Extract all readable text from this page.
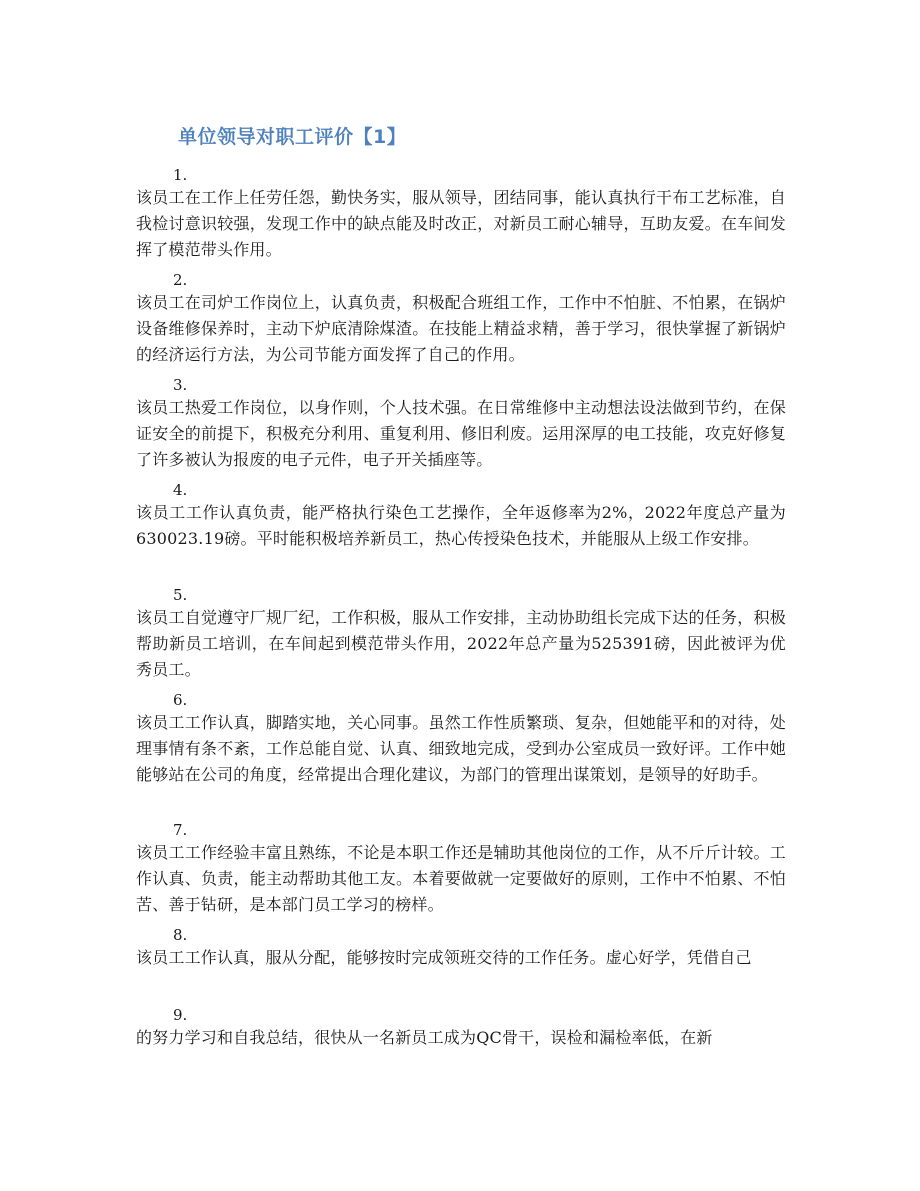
单位领导对职工评价【1】
1.
该员工在工作上任劳任怨，勤快务实，服从领导，团结同事，能认真执行干布工艺标准，自我检讨意识较强，发现工作中的缺点能及时改正，对新员工耐心辅导，互助友爱。在车间发挥了模范带头作用。
2.
该员工在司炉工作岗位上，认真负责，积极配合班组工作，工作中不怕脏、不怕累，在锅炉设备维修保养时，主动下炉底清除煤渣。在技能上精益求精，善于学习，很快掌握了新锅炉的经济运行方法，为公司节能方面发挥了自己的作用。
3.
该员工热爱工作岗位，以身作则，个人技术强。在日常维修中主动想法设法做到节约，在保证安全的前提下，积极充分利用、重复利用、修旧利废。运用深厚的电工技能，攻克好修复了许多被认为报废的电子元件，电子开关插座等。
4.
该员工工作认真负责，能严格执行染色工艺操作，全年返修率为2%，2022年度总产量为630023.19磅。平时能积极培养新员工，热心传授染色技术，并能服从上级工作安排。
5.
该员工自觉遵守厂规厂纪，工作积极，服从工作安排，主动协助组长完成下达的任务，积极帮助新员工培训，在车间起到模范带头作用，2022年总产量为525391磅，因此被评为优秀员工。
6.
该员工工作认真，脚踏实地，关心同事。虽然工作性质繁琐、复杂，但她能平和的对待，处理事情有条不紊，工作总能自觉、认真、细致地完成，受到办公室成员一致好评。工作中她能够站在公司的角度，经常提出合理化建议，为部门的管理出谋策划，是领导的好助手。
7.
该员工工作经验丰富且熟练，不论是本职工作还是辅助其他岗位的工作，从不斤斤计较。工作认真、负责，能主动帮助其他工友。本着要做就一定要做好的原则，工作中不怕累、不怕苦、善于钻研，是本部门员工学习的榜样。
8.
该员工工作认真，服从分配，能够按时完成领班交待的工作任务。虚心好学，凭借自己
9.
的努力学习和自我总结，很快从一名新员工成为QC骨干，误检和漏检率低，在新
